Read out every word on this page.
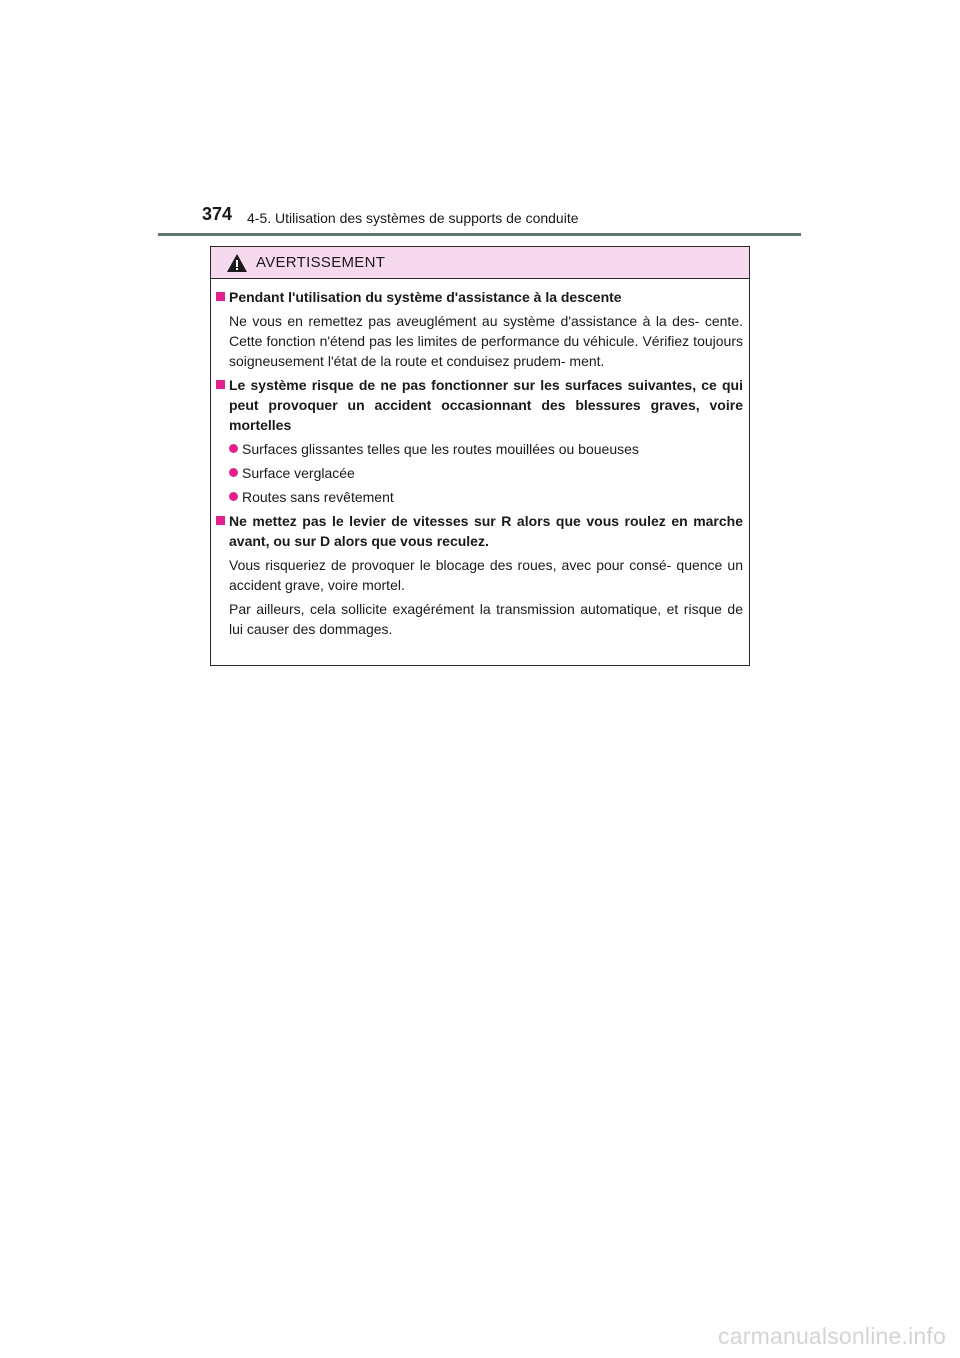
374 4-5. Utilisation des systèmes de supports de conduite
AVERTISSEMENT
Pendant l'utilisation du système d'assistance à la descente
Ne vous en remettez pas aveuglément au système d'assistance à la des- cente. Cette fonction n'étend pas les limites de performance du véhicule. Vérifiez toujours soigneusement l'état de la route et conduisez prudem- ment.
Le système risque de ne pas fonctionner sur les surfaces suivantes, ce qui peut provoquer un accident occasionnant des blessures graves, voire mortelles
Surfaces glissantes telles que les routes mouillées ou boueuses
Surface verglacée
Routes sans revêtement
Ne mettez pas le levier de vitesses sur R alors que vous roulez en marche avant, ou sur D alors que vous reculez.
Vous risqueriez de provoquer le blocage des roues, avec pour consé- quence un accident grave, voire mortel.
Par ailleurs, cela sollicite exagérément la transmission automatique, et risque de lui causer des dommages.
carmanualsonline.info
